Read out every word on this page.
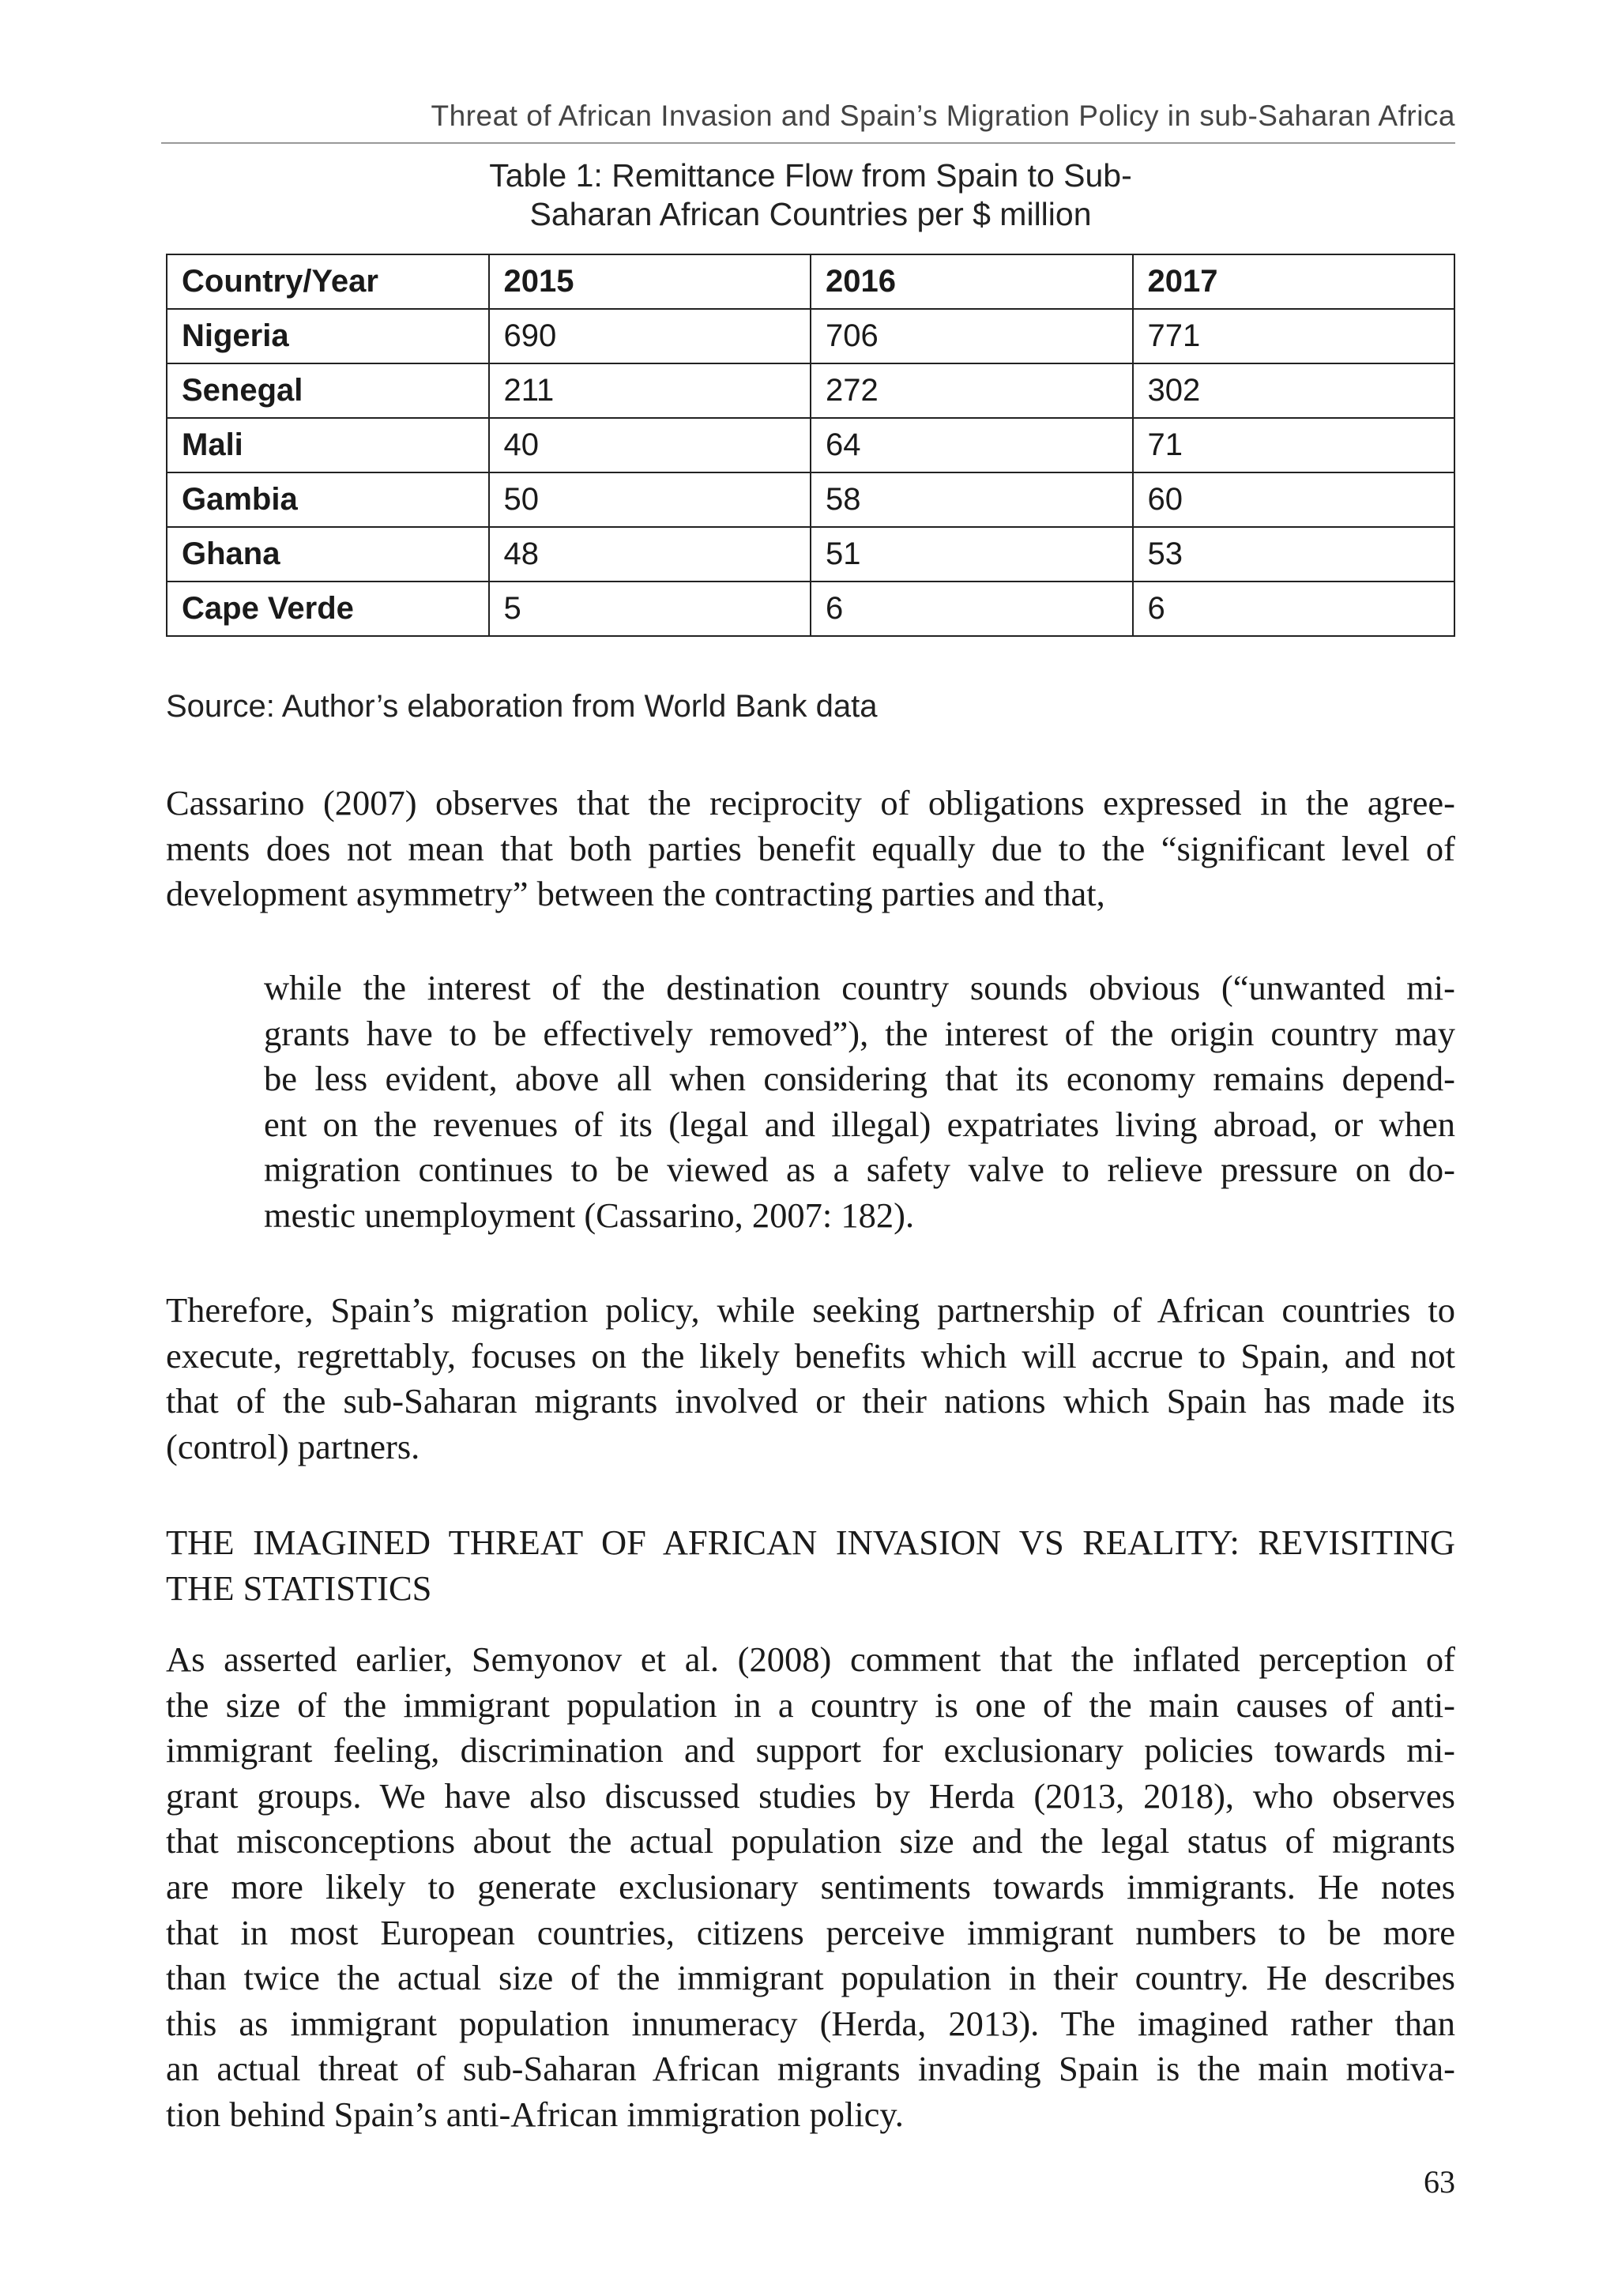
Threat of African Invasion and Spain’s Migration Policy in sub-Saharan Africa
Table 1: Remittance Flow from Spain to Sub-
Saharan African Countries per $ million
Country/Year	2015	2016	2017
Nigeria	690	706	771
Senegal	211	272	302
Mali	40	64	71
Gambia	50	58	60
Ghana	48	51	53
Cape Verde	5	6	6
Source: Author’s elaboration from World Bank data
Cassarino (2007) observes that the reciprocity of obligations expressed in the agree-
ments does not mean that both parties benefit equally due to the “significant level of
development asymmetry” between the contracting parties and that,
while the interest of the destination country sounds obvious (“unwanted mi-
grants have to be effectively removed”), the interest of the origin country may
be less evident, above all when considering that its economy remains depend-
ent on the revenues of its (legal and illegal) expatriates living abroad, or when
migration continues to be viewed as a safety valve to relieve pressure on do-
mestic unemployment (Cassarino, 2007: 182).
Therefore, Spain’s migration policy, while seeking partnership of African countries to
execute, regrettably, focuses on the likely benefits which will accrue to Spain, and not
that of the sub-Saharan migrants involved or their nations which Spain has made its
(control) partners.
THE IMAGINED THREAT OF AFRICAN INVASION VS REALITY: REVISITING
THE STATISTICS
As asserted earlier, Semyonov et al. (2008) comment that the inflated perception of
the size of the immigrant population in a country is one of the main causes of anti-
immigrant feeling, discrimination and support for exclusionary policies towards mi-
grant groups. We have also discussed studies by Herda (2013, 2018), who observes
that misconceptions about the actual population size and the legal status of migrants
are more likely to generate exclusionary sentiments towards immigrants. He notes
that in most European countries, citizens perceive immigrant numbers to be more
than twice the actual size of the immigrant population in their country. He describes
this as immigrant population innumeracy (Herda, 2013). The imagined rather than
an actual threat of sub-Saharan African migrants invading Spain is the main motiva-
tion behind Spain’s anti-African immigration policy.
63
